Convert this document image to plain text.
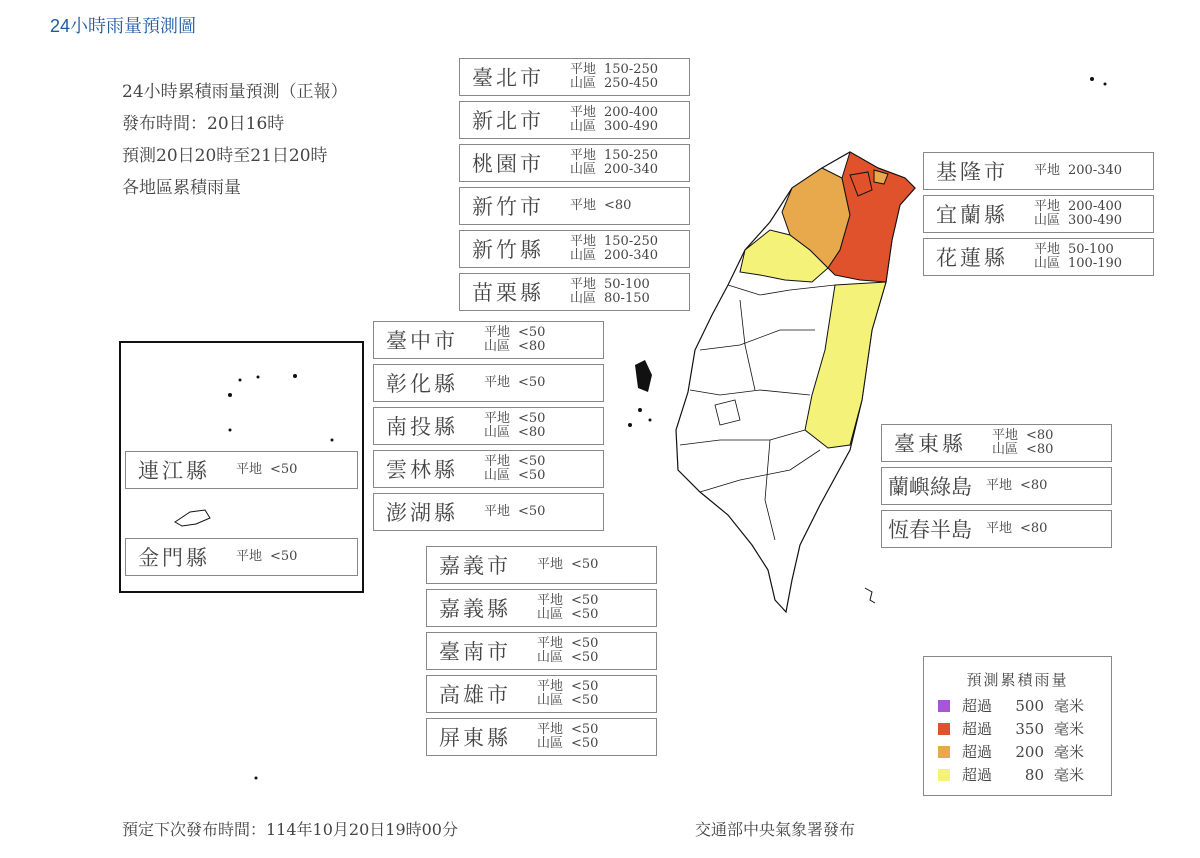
24小時雨量預測圖
24小時累積雨量預測（正報）
發布時間：20日16時
預測20日20時至21日20時
各地區累積雨量
臺北市	平地 150-250
山區 250-450
新北市	平地 200-400
山區 300-490
桃園市	平地 150-250
山區 200-340
新竹市	平地 <80
新竹縣	平地 150-250
山區 200-340
苗栗縣	平地 50-100
山區 80-150
臺中市	平地 <50
山區 <80
彰化縣	平地 <50
南投縣	平地 <50
山區 <80
雲林縣	平地 <50
山區 <50
澎湖縣	平地 <50
嘉義市	平地 <50
嘉義縣	平地 <50
山區 <50
臺南市	平地 <50
山區 <50
高雄市	平地 <50
山區 <50
屏東縣	平地 <50
山區 <50
基隆市	平地 200-340
宜蘭縣	平地 200-400
山區 300-490
花蓮縣	平地 50-100
山區 100-190
臺東縣	平地 <80
山區 <80
蘭嶼綠島	平地 <80
恆春半島	平地 <80
連江縣	平地 <50
金門縣	平地 <50
預測累積雨量
超過	500 毫米
超過	350 毫米
超過	200 毫米
超過	80 毫米
預定下次發布時間：114年10月20日19時00分	交通部中央氣象署發布
